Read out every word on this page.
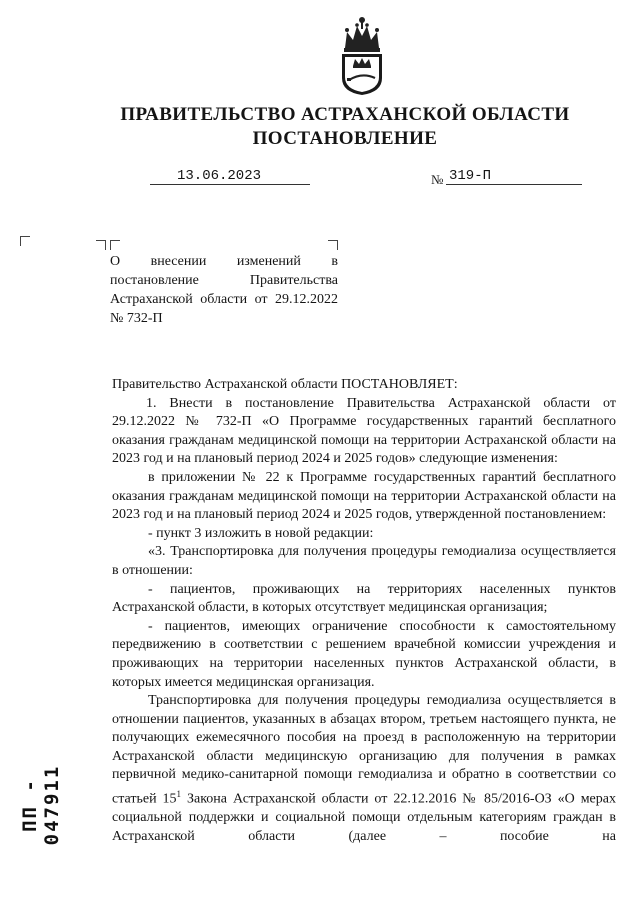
ПРАВИТЕЛЬСТВО АСТРАХАНСКОЙ ОБЛАСТИ
ПОСТАНОВЛЕНИЕ
13.06.2023	№ 319-П
О внесении изменений в постановление Правительства Астраханской области от 29.12.2022 № 732-П

Правительство Астраханской области ПОСТАНОВЛЯЕТ:

1. Внести в постановление Правительства Астраханской области от 29.12.2022 № 732-П «О Программе государственных гарантий бесплатного оказания гражданам медицинской помощи на территории Астраханской области на 2023 год и на плановый период 2024 и 2025 годов» следующие изменения:

в приложении № 22 к Программе государственных гарантий бесплатного оказания гражданам медицинской помощи на территории Астраханской области на 2023 год и на плановый период 2024 и 2025 годов, утвержденной постановлением:

- пункт 3 изложить в новой редакции:

«3. Транспортировка для получения процедуры гемодиализа осуществляется в отношении:

- пациентов, проживающих на территориях населенных пунктов Астраханской области, в которых отсутствует медицинская организация;

- пациентов, имеющих ограничение способности к самостоятельному передвижению в соответствии с решением врачебной комиссии учреждения и проживающих на территории населенных пунктов Астраханской области, в которых имеется медицинская организация.

Транспортировка для получения процедуры гемодиализа осуществляется в отношении пациентов, указанных в абзацах втором, третьем настоящего пункта, не получающих ежемесячного пособия на проезд в расположенную на территории Астраханской области медицинскую организацию для получения в рамках первичной медико-санитарной помощи гемодиализа и обратно в соответствии со статьей $15^1$ Закона Астраханской области от 22.12.2016 № 85/2016-ОЗ «О мерах социальной поддержки и социальной помощи отдельным категориям граждан в Астраханской области (далее – пособие на

ПП - 047911
